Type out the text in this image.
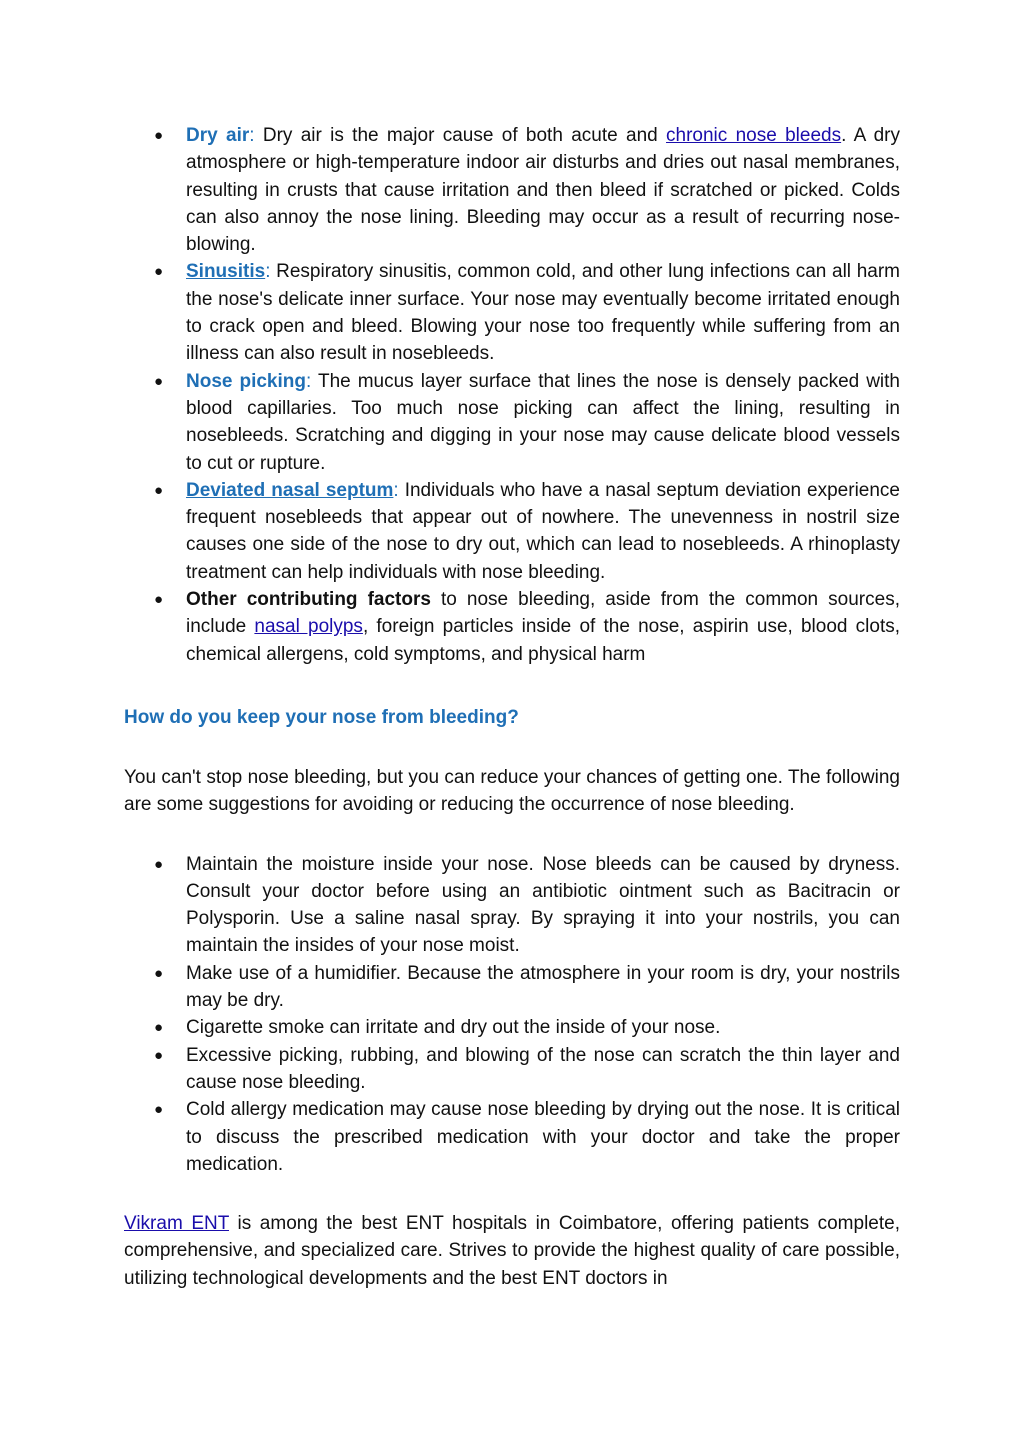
● Dry air: Dry air is the major cause of both acute and chronic nose bleeds. A dry atmosphere or high-temperature indoor air disturbs and dries out nasal membranes, resulting in crusts that cause irritation and then bleed if scratched or picked. Colds can also annoy the nose lining. Bleeding may occur as a result of recurring nose-blowing.
● Sinusitis: Respiratory sinusitis, common cold, and other lung infections can all harm the nose's delicate inner surface. Your nose may eventually become irritated enough to crack open and bleed. Blowing your nose too frequently while suffering from an illness can also result in nosebleeds.
● Nose picking: The mucus layer surface that lines the nose is densely packed with blood capillaries. Too much nose picking can affect the lining, resulting in nosebleeds. Scratching and digging in your nose may cause delicate blood vessels to cut or rupture.
● Deviated nasal septum: Individuals who have a nasal septum deviation experience frequent nosebleeds that appear out of nowhere. The unevenness in nostril size causes one side of the nose to dry out, which can lead to nosebleeds. A rhinoplasty treatment can help individuals with nose bleeding.
● Other contributing factors to nose bleeding, aside from the common sources, include nasal polyps, foreign particles inside of the nose, aspirin use, blood clots, chemical allergens, cold symptoms, and physical harm
How do you keep your nose from bleeding?

You can't stop nose bleeding, but you can reduce your chances of getting one. The following are some suggestions for avoiding or reducing the occurrence of nose bleeding.

● Maintain the moisture inside your nose. Nose bleeds can be caused by dryness. Consult your doctor before using an antibiotic ointment such as Bacitracin or Polysporin. Use a saline nasal spray. By spraying it into your nostrils, you can maintain the insides of your nose moist.
● Make use of a humidifier. Because the atmosphere in your room is dry, your nostrils may be dry.
● Cigarette smoke can irritate and dry out the inside of your nose.
● Excessive picking, rubbing, and blowing of the nose can scratch the thin layer and cause nose bleeding.
● Cold allergy medication may cause nose bleeding by drying out the nose. It is critical to discuss the prescribed medication with your doctor and take the proper medication.

Vikram ENT is among the best ENT hospitals in Coimbatore, offering patients complete, comprehensive, and specialized care. Strives to provide the highest quality of care possible, utilizing technological developments and the best ENT doctors in
